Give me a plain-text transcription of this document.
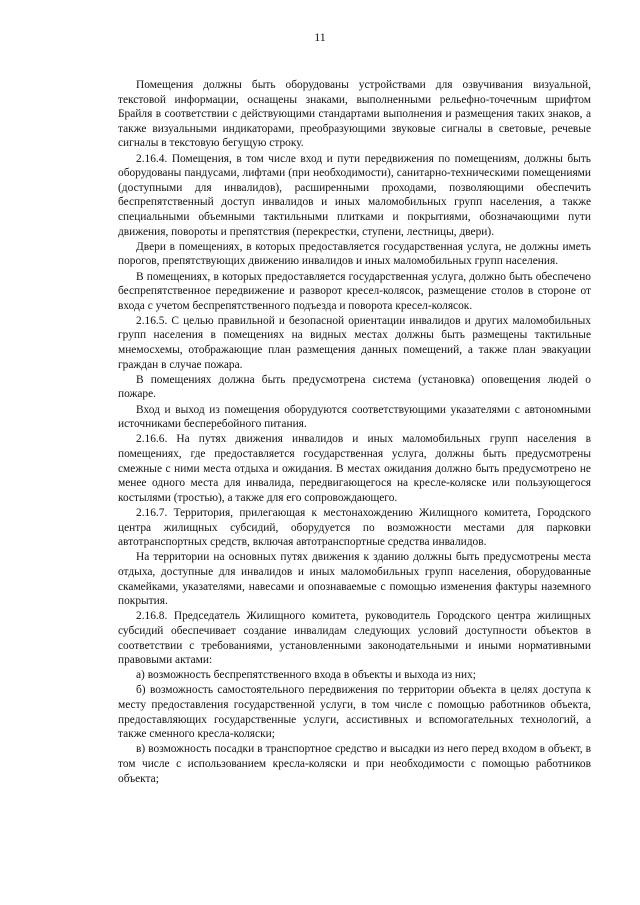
11

Помещения должны быть оборудованы устройствами для озвучивания визуальной, текстовой информации, оснащены знаками, выполненными рельефно-точечным шрифтом Брайля в соответствии с действующими стандартами выполнения и размещения таких знаков, а также визуальными индикаторами, преобразующими звуковые сигналы в световые, речевые сигналы в текстовую бегущую строку.

2.16.4. Помещения, в том числе вход и пути передвижения по помещениям, должны быть оборудованы пандусами, лифтами (при необходимости), санитарно-техническими помещениями (доступными для инвалидов), расширенными проходами, позволяющими обеспечить беспрепятственный доступ инвалидов и иных маломобильных групп населения, а также специальными объемными тактильными плитками и покрытиями, обозначающими пути движения, повороты и препятствия (перекрестки, ступени, лестницы, двери).

Двери в помещениях, в которых предоставляется государственная услуга, не должны иметь порогов, препятствующих движению инвалидов и иных маломобильных групп населения.

В помещениях, в которых предоставляется государственная услуга, должно быть обеспечено беспрепятственное передвижение и разворот кресел-колясок, размещение столов в стороне от входа с учетом беспрепятственного подъезда и поворота кресел-колясок.

2.16.5. С целью правильной и безопасной ориентации инвалидов и других маломобильных групп населения в помещениях на видных местах должны быть размещены тактильные мнемосхемы, отображающие план размещения данных помещений, а также план эвакуации граждан в случае пожара.

В помещениях должна быть предусмотрена система (установка) оповещения людей о пожаре.

Вход и выход из помещения оборудуются соответствующими указателями с автономными источниками бесперебойного питания.

2.16.6. На путях движения инвалидов и иных маломобильных групп населения в помещениях, где предоставляется государственная услуга, должны быть предусмотрены смежные с ними места отдыха и ожидания. В местах ожидания должно быть предусмотрено не менее одного места для инвалида, передвигающегося на кресле-коляске или пользующегося костылями (тростью), а также для его сопровождающего.

2.16.7. Территория, прилегающая к местонахождению Жилищного комитета, Городского центра жилищных субсидий, оборудуется по возможности местами для парковки автотранспортных средств, включая автотранспортные средства инвалидов.

На территории на основных путях движения к зданию должны быть предусмотрены места отдыха, доступные для инвалидов и иных маломобильных групп населения, оборудованные скамейками, указателями, навесами и опознаваемые с помощью изменения фактуры наземного покрытия.

2.16.8. Председатель Жилищного комитета, руководитель Городского центра жилищных субсидий обеспечивает создание инвалидам следующих условий доступности объектов в соответствии с требованиями, установленными законодательными и иными нормативными правовыми актами:

а) возможность беспрепятственного входа в объекты и выхода из них;

б) возможность самостоятельного передвижения по территории объекта в целях доступа к месту предоставления государственной услуги, в том числе с помощью работников объекта, предоставляющих государственные услуги, ассистивных и вспомогательных технологий, а также сменного кресла-коляски;

в) возможность посадки в транспортное средство и высадки из него перед входом в объект, в том числе с использованием кресла-коляски и при необходимости с помощью работников объекта;
